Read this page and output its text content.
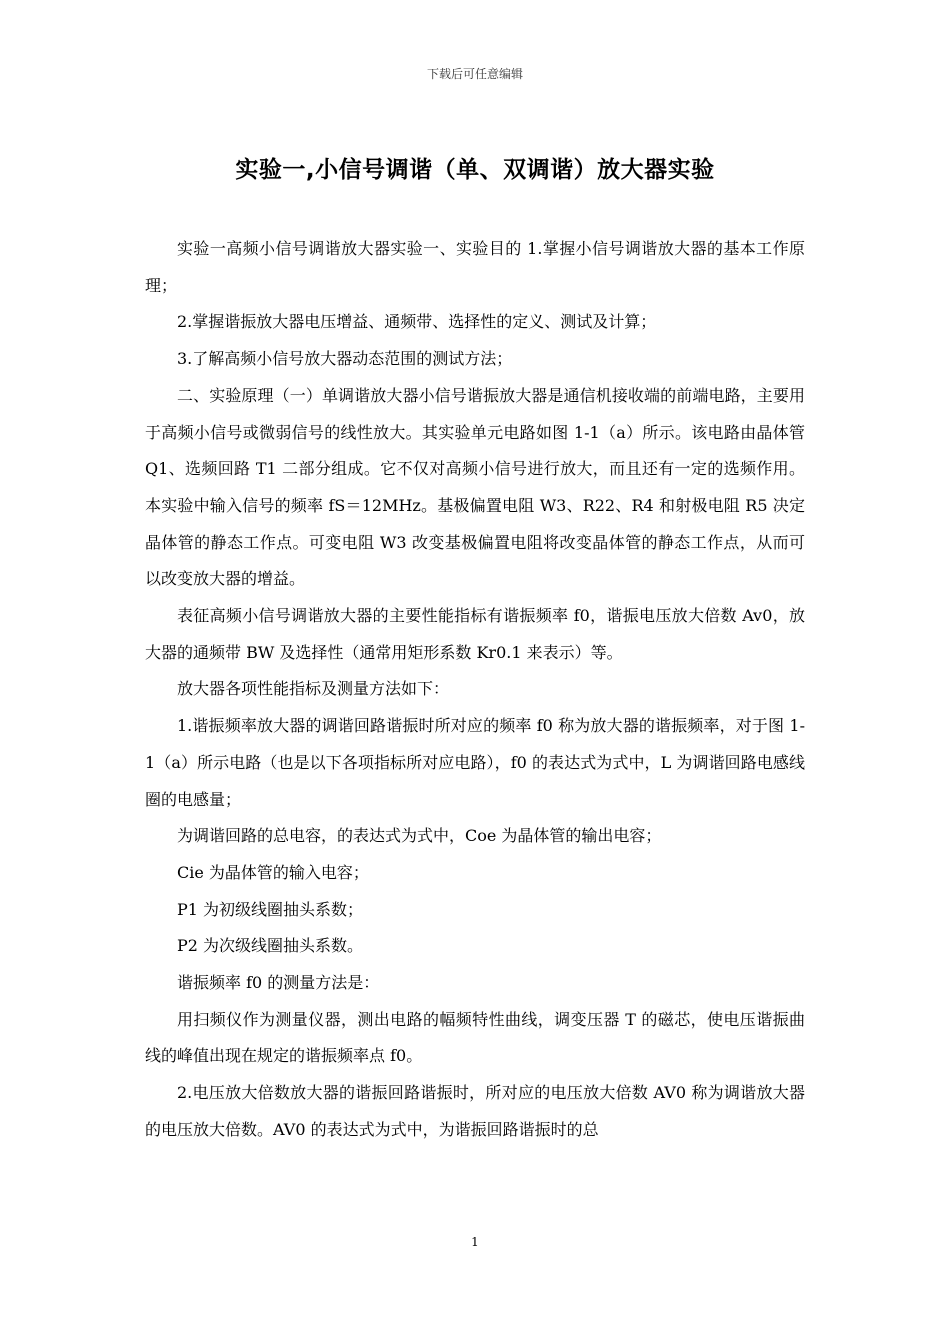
下载后可任意编辑
实验一,小信号调谐（单、双调谐）放大器实验

实验一高频小信号调谐放大器实验一、实验目的 1.掌握小信号调谐放大器的基本工作原理；

2.掌握谐振放大器电压增益、通频带、选择性的定义、测试及计算；

3.了解高频小信号放大器动态范围的测试方法；

二、实验原理（一）单调谐放大器小信号谐振放大器是通信机接收端的前端电路，主要用于高频小信号或微弱信号的线性放大。其实验单元电路如图 1-1（a）所示。该电路由晶体管 Q1、选频回路 T1 二部分组成。它不仅对高频小信号进行放大，而且还有一定的选频作用。本实验中输入信号的频率 fS＝12MHz。基极偏置电阻 W3、R22、R4 和射极电阻 R5 决定晶体管的静态工作点。可变电阻 W3 改变基极偏置电阻将改变晶体管的静态工作点，从而可以改变放大器的增益。

表征高频小信号调谐放大器的主要性能指标有谐振频率 f0，谐振电压放大倍数 Av0，放大器的通频带 BW 及选择性（通常用矩形系数 Kr0.1 来表示）等。

放大器各项性能指标及测量方法如下：

1.谐振频率放大器的调谐回路谐振时所对应的频率 f0 称为放大器的谐振频率，对于图 1-1（a）所示电路（也是以下各项指标所对应电路），f0 的表达式为式中，L 为调谐回路电感线圈的电感量；

为调谐回路的总电容，的表达式为式中，Coe 为晶体管的输出电容；

Cie 为晶体管的输入电容；

P1 为初级线圈抽头系数；

P2 为次级线圈抽头系数。

谐振频率 f0 的测量方法是：

用扫频仪作为测量仪器，测出电路的幅频特性曲线，调变压器 T 的磁芯，使电压谐振曲线的峰值出现在规定的谐振频率点 f0。

2.电压放大倍数放大器的谐振回路谐振时，所对应的电压放大倍数 AV0 称为调谐放大器的电压放大倍数。AV0 的表达式为式中，为谐振回路谐振时的总

1
